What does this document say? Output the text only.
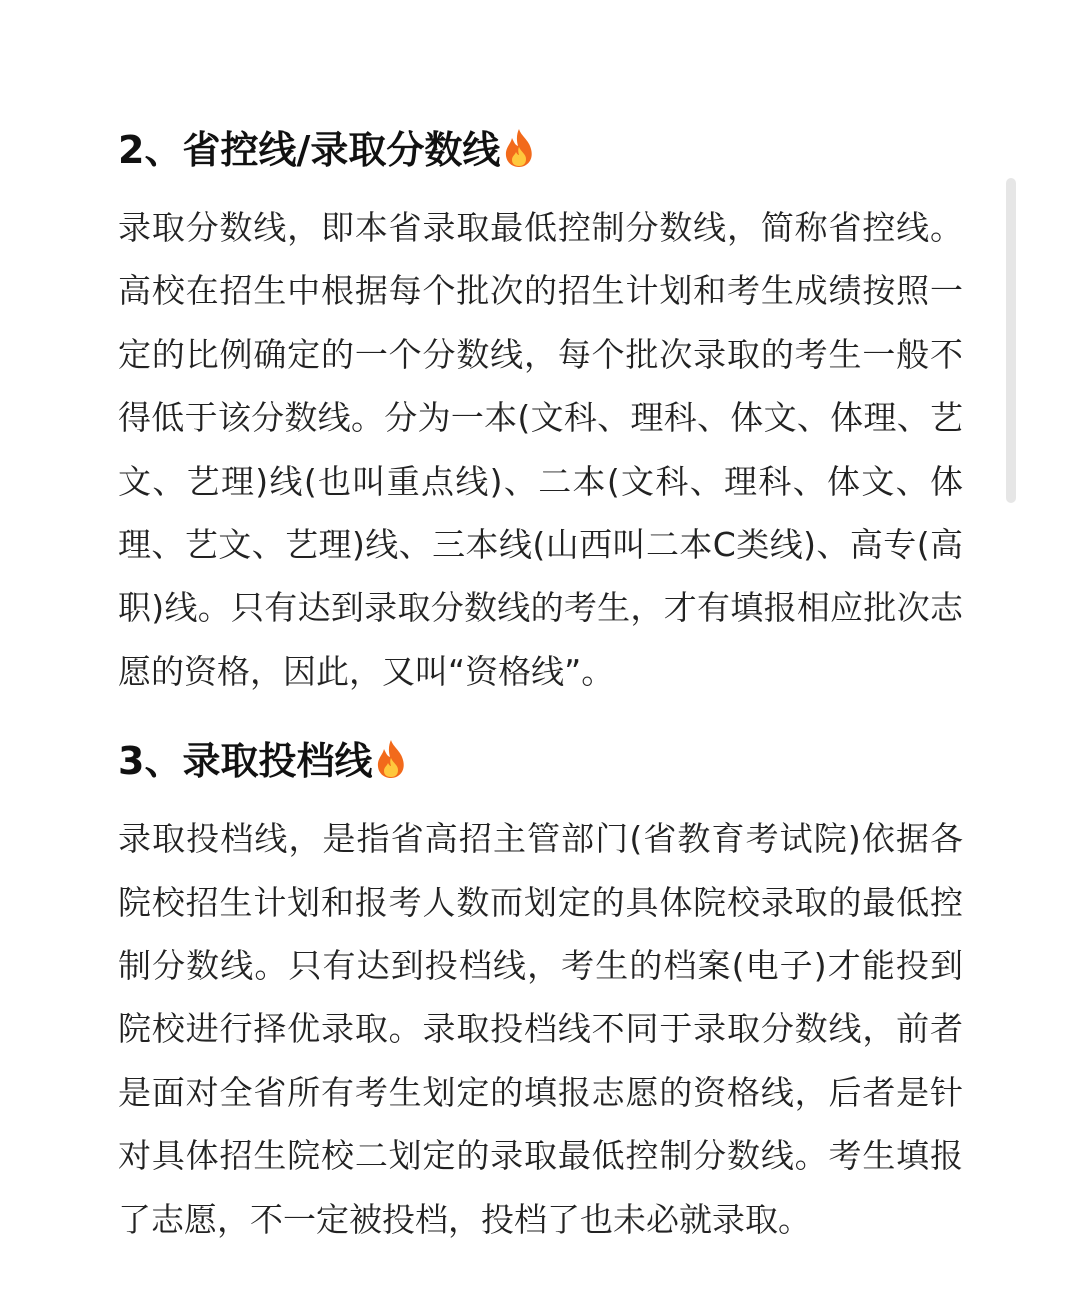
2、省控线/录取分数线

录取分数线，即本省录取最低控制分数线，简称省控线。高校在招生中根据每个批次的招生计划和考生成绩按照一定的比例确定的一个分数线，每个批次录取的考生一般不得低于该分数线。分为一本(文科、理科、体文、体理、艺文、艺理)线(也叫重点线)、二本(文科、理科、体文、体理、艺文、艺理)线、三本线(山西叫二本C类线)、高专(高职)线。只有达到录取分数线的考生，才有填报相应批次志愿的资格，因此，又叫“资格线”。

3、录取投档线

录取投档线，是指省高招主管部门(省教育考试院)依据各院校招生计划和报考人数而划定的具体院校录取的最低控制分数线。只有达到投档线，考生的档案(电子)才能投到院校进行择优录取。录取投档线不同于录取分数线，前者是面对全省所有考生划定的填报志愿的资格线，后者是针对具体招生院校二划定的录取最低控制分数线。考生填报了志愿，不一定被投档，投档了也未必就录取。
